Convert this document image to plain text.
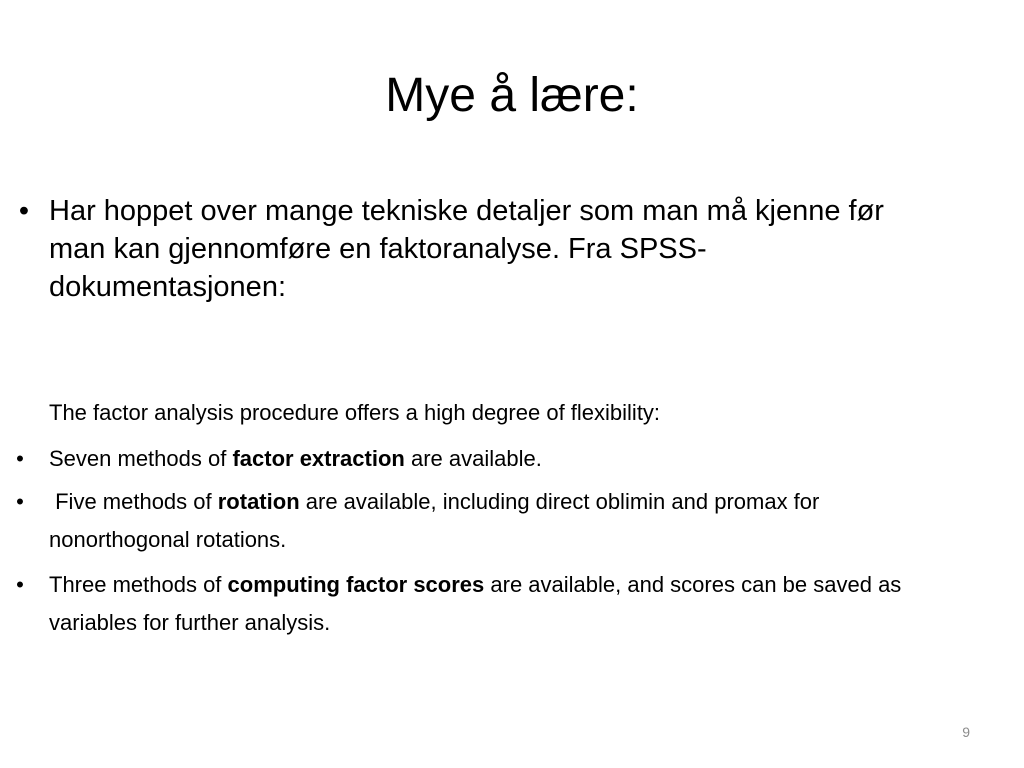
Mye å lære:
• Har hoppet over mange tekniske detaljer som man må kjenne før man kan gjennomføre en faktoranalyse. Fra SPSS-dokumentasjonen:
The factor analysis procedure offers a high degree of flexibility:
•	Seven methods of factor extraction are available.
•	Five methods of rotation are available, including direct oblimin and promax for nonorthogonal rotations.
•	Three methods of computing factor scores are available, and scores can be saved as variables for further analysis.
9
